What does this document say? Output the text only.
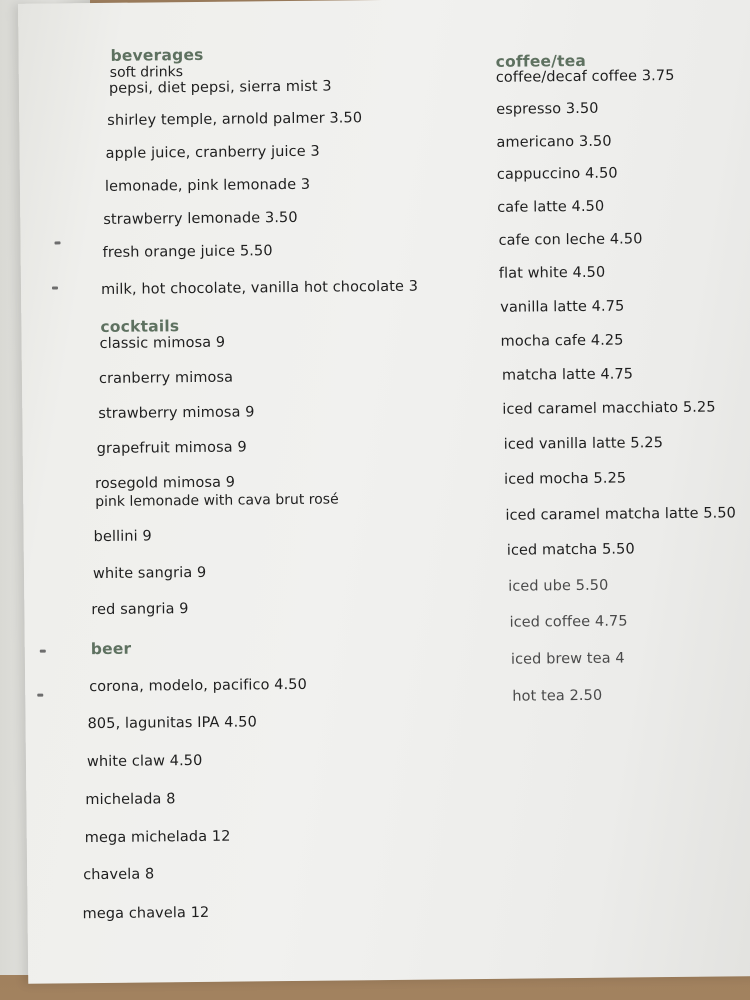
beverages
soft drinks
pepsi, diet pepsi, sierra mist 3
shirley temple, arnold palmer 3.50
apple juice, cranberry juice 3
lemonade, pink lemonade 3
strawberry lemonade 3.50
fresh orange juice 5.50
milk, hot chocolate, vanilla hot chocolate 3
cocktails
classic mimosa 9
cranberry mimosa
strawberry mimosa 9
grapefruit mimosa 9
rosegold mimosa 9
pink lemonade with cava brut rosé
bellini 9
white sangria 9
red sangria 9
beer
corona, modelo, pacifico 4.50
805, lagunitas IPA 4.50
white claw 4.50
michelada 8
mega michelada 12
chavela 8
mega chavela 12
coffee/tea
coffee/decaf coffee 3.75
espresso 3.50
americano 3.50
cappuccino 4.50
cafe latte 4.50
cafe con leche 4.50
flat white 4.50
vanilla latte 4.75
mocha cafe 4.25
matcha latte 4.75
iced caramel macchiato 5.25
iced vanilla latte 5.25
iced mocha 5.25
iced caramel matcha latte 5.50
iced matcha 5.50
iced ube 5.50
iced coffee 4.75
iced brew tea 4
hot tea 2.50
